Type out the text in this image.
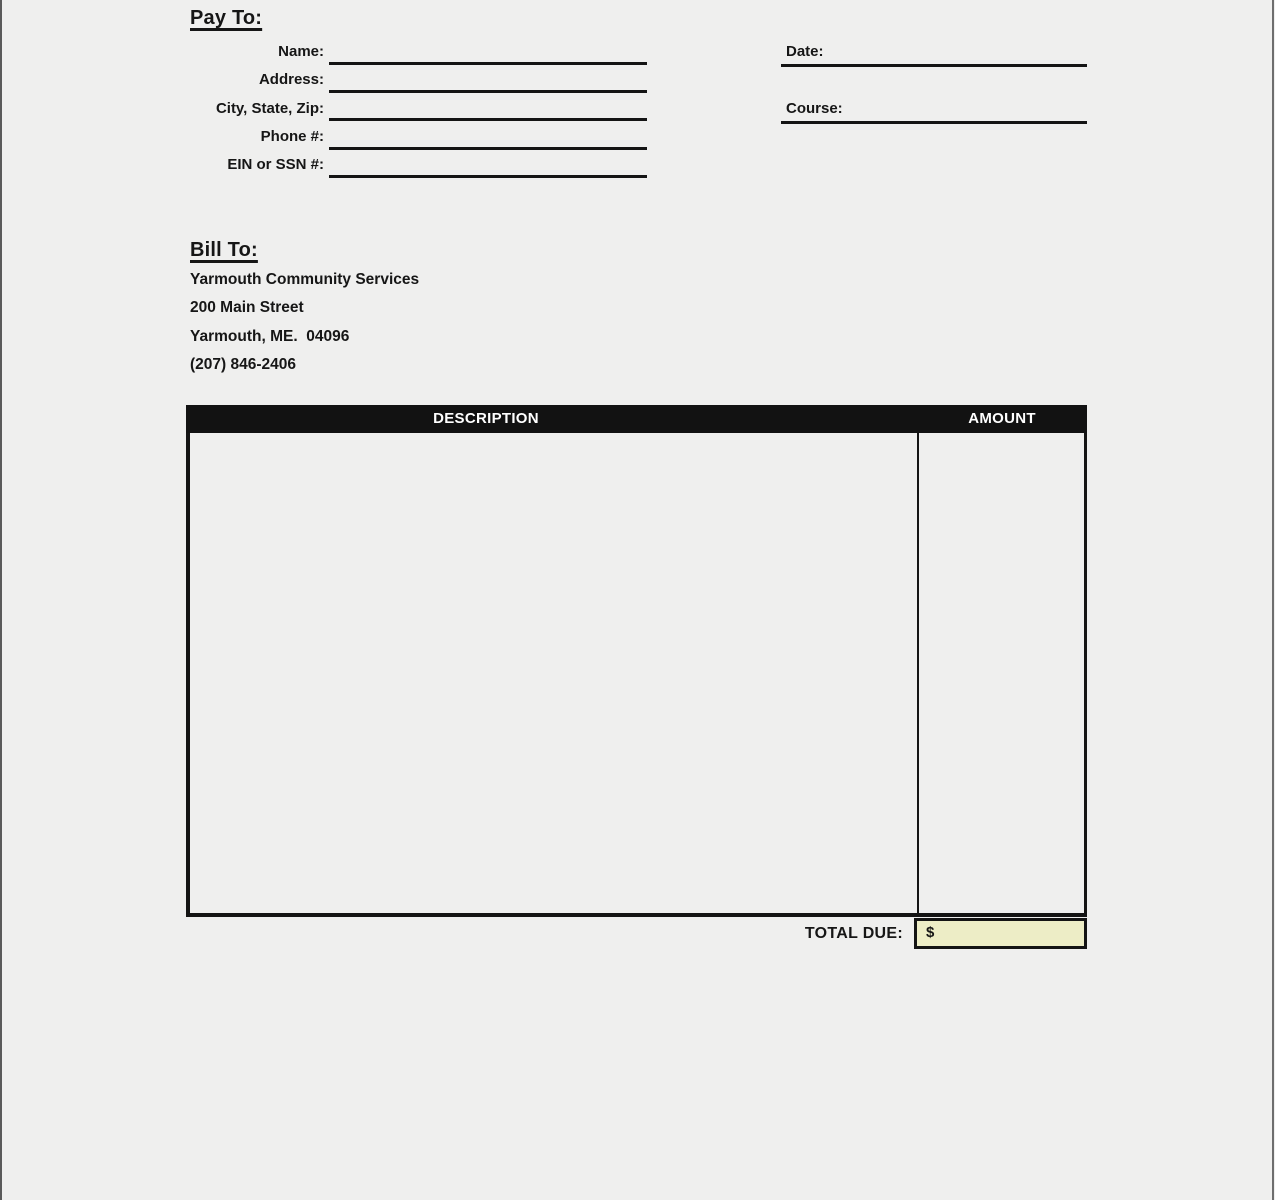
Pay To:
Name:
Address:
City, State, Zip:
Phone #:
EIN or SSN #:
Date:
Course:
Bill To:
Yarmouth Community Services
200 Main Street
Yarmouth, ME.  04096
(207) 846-2406
DESCRIPTION	AMOUNT
TOTAL DUE:	$
